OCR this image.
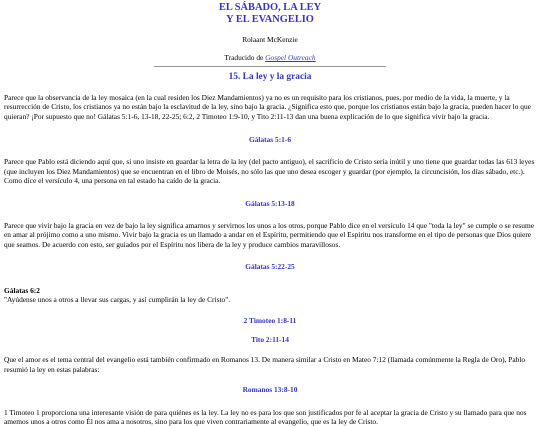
EL SÁBADO, LA LEY
Y EL EVANGELIO
Rolaant McKenzie
Traducido de Gospel Outreach
15. La ley y la gracia

Parece que la observancia de la ley mosaica (en la cual residen los Diez Mandamientos) ya no es un requisito para los cristianos, pues, por medio de la vida, la muerte, y la resurrección de Cristo, los cristianos ya no están bajo la esclavitud de la ley, sino bajo la gracia. ¿Significa esto que, porque los cristianos están bajo la gracia, pueden hacer lo que quieran? ¡Por supuesto que no! Gálatas 5:1-6, 13-18, 22-25; 6:2, 2 Timoteo 1:9-10, y Tito 2:11-13 dan una buena explicación de lo que significa vivir bajo la gracia.

Gálatas 5:1-6

Parece que Pablo está diciendo aquí que, si uno insiste en guardar la letra de la ley (del pacto antiguo), el sacrificio de Cristo sería inútil y uno tiene que guardar todas las 613 leyes (que incluyen los Diez Mandamientos) que se encuentran en el libro de Moisés, no sólo las que uno desea escoger y guardar (por ejemplo, la circuncisión, los días sábado, etc.). Como dice el versículo 4, una persona en tal estado ha caído de la gracia.

Gálatas 5:13-18

Parece que vivir bajo la gracia en vez de bajo la ley significa amarnos y servirnos los unos a los otros, porque Pablo dice en el versículo 14 que "toda la ley" se cumple o se resume en amar al prójimo como a uno mismo. Vivir bajo la gracia es un llamado a andar en el Espíritu, permitiendo que el Espíritu nos transforme en el tipo de personas que Dios quiere que seamos. De acuerdo con esto, ser guiados por el Espíritu nos libera de la ley y produce cambios maravillosos.

Gálatas 5:22-25
Gálatas 6:2

"Ayúdense unos a otros a llevar sus cargas, y así cumplirán la ley de Cristo".

2 Timoteo 1:8-11
Tito 2:11-14

Que el amor es el tema central del evangelio está también confirmado en Romanos 13. De manera similar a Cristo en Mateo 7:12 (llamada comúnmente la Regla de Oro), Pablo resumió la ley en estas palabras:

Romanos 13:8-10

1 Timoteo 1 proporciona una interesante visión de para quiénes es la ley. La ley no es para los que son justificados por fe al aceptar la gracia de Cristo y su llamado para que nos amemos unos a otros como Él nos ama a nosotros, sino para los que viven contrariamente al evangelio, que es la ley de Cristo.
